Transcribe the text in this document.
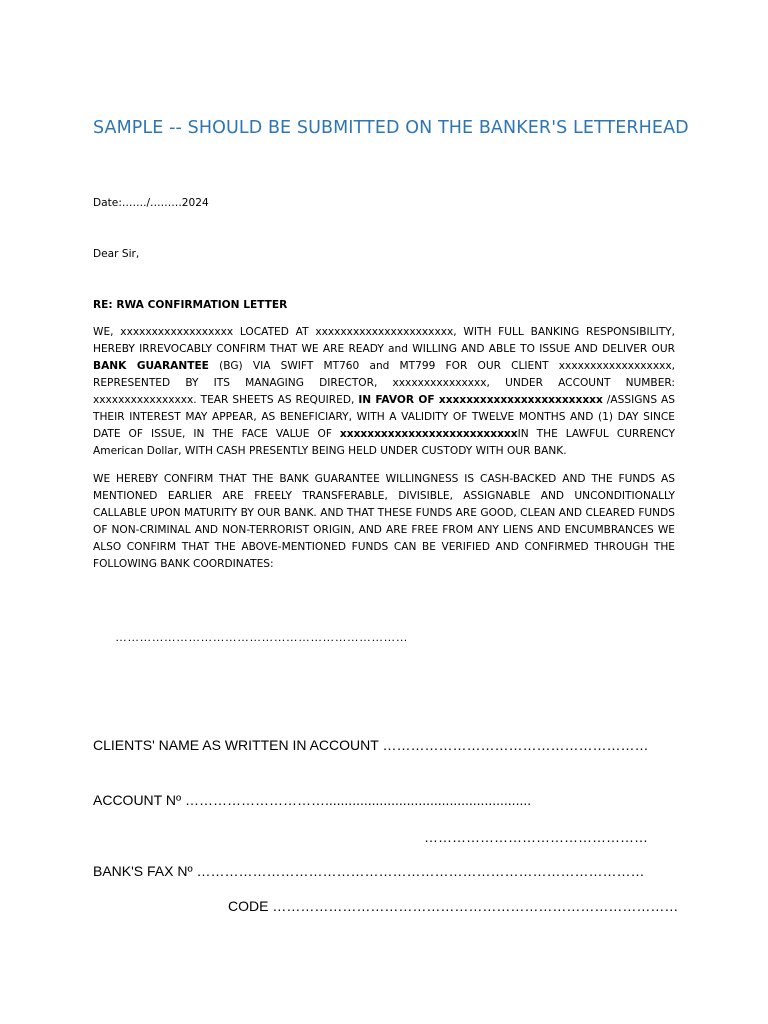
SAMPLE -- SHOULD BE SUBMITTED ON THE BANKER'S LETTERHEAD
Date:……./………2024
Dear Sir,
RE: RWA CONFIRMATION LETTER
WE, xxxxxxxxxxxxxxxxxx LOCATED AT xxxxxxxxxxxxxxxxxxxxxx, WITH FULL BANKING RESPONSIBILITY, HEREBY IRREVOCABLY CONFIRM THAT WE ARE READY and WILLING AND ABLE TO ISSUE AND DELIVER OUR BANK GUARANTEE (BG) VIA SWIFT MT760 and MT799 FOR OUR CLIENT xxxxxxxxxxxxxxxxxx, REPRESENTED BY ITS MANAGING DIRECTOR, xxxxxxxxxxxxxxx, UNDER ACCOUNT NUMBER: xxxxxxxxxxxxxxxx. TEAR SHEETS AS REQUIRED, IN FAVOR OF xxxxxxxxxxxxxxxxxxxxxxxx /ASSIGNS AS THEIR INTEREST MAY APPEAR, AS BENEFICIARY, WITH A VALIDITY OF TWELVE MONTHS AND (1) DAY SINCE DATE OF ISSUE, IN THE FACE VALUE OF xxxxxxxxxxxxxxxxxxxxxxxxxxIN THE LAWFUL CURRENCY American Dollar, WITH CASH PRESENTLY BEING HELD UNDER CUSTODY WITH OUR BANK.
WE HEREBY CONFIRM THAT THE BANK GUARANTEE WILLINGNESS IS CASH-BACKED AND THE FUNDS AS MENTIONED EARLIER ARE FREELY TRANSFERABLE, DIVISIBLE, ASSIGNABLE AND UNCONDITIONALLY CALLABLE UPON MATURITY BY OUR BANK. AND THAT THESE FUNDS ARE GOOD, CLEAN AND CLEARED FUNDS OF NON-CRIMINAL AND NON-TERRORIST ORIGIN, AND ARE FREE FROM ANY LIENS AND ENCUMBRANCES WE ALSO CONFIRM THAT THE ABOVE-MENTIONED FUNDS CAN BE VERIFIED AND CONFIRMED THROUGH THE FOLLOWING BANK COORDINATES:
………………………………………………………………
CLIENTS' NAME AS WRITTEN IN ACCOUNT …………………………………………………
ACCOUNT Nº ………………………….....................................................
…………………………………………
BANK'S FAX Nº ……………………………………………………………………………………
CODE ……………………………………………………………………………
